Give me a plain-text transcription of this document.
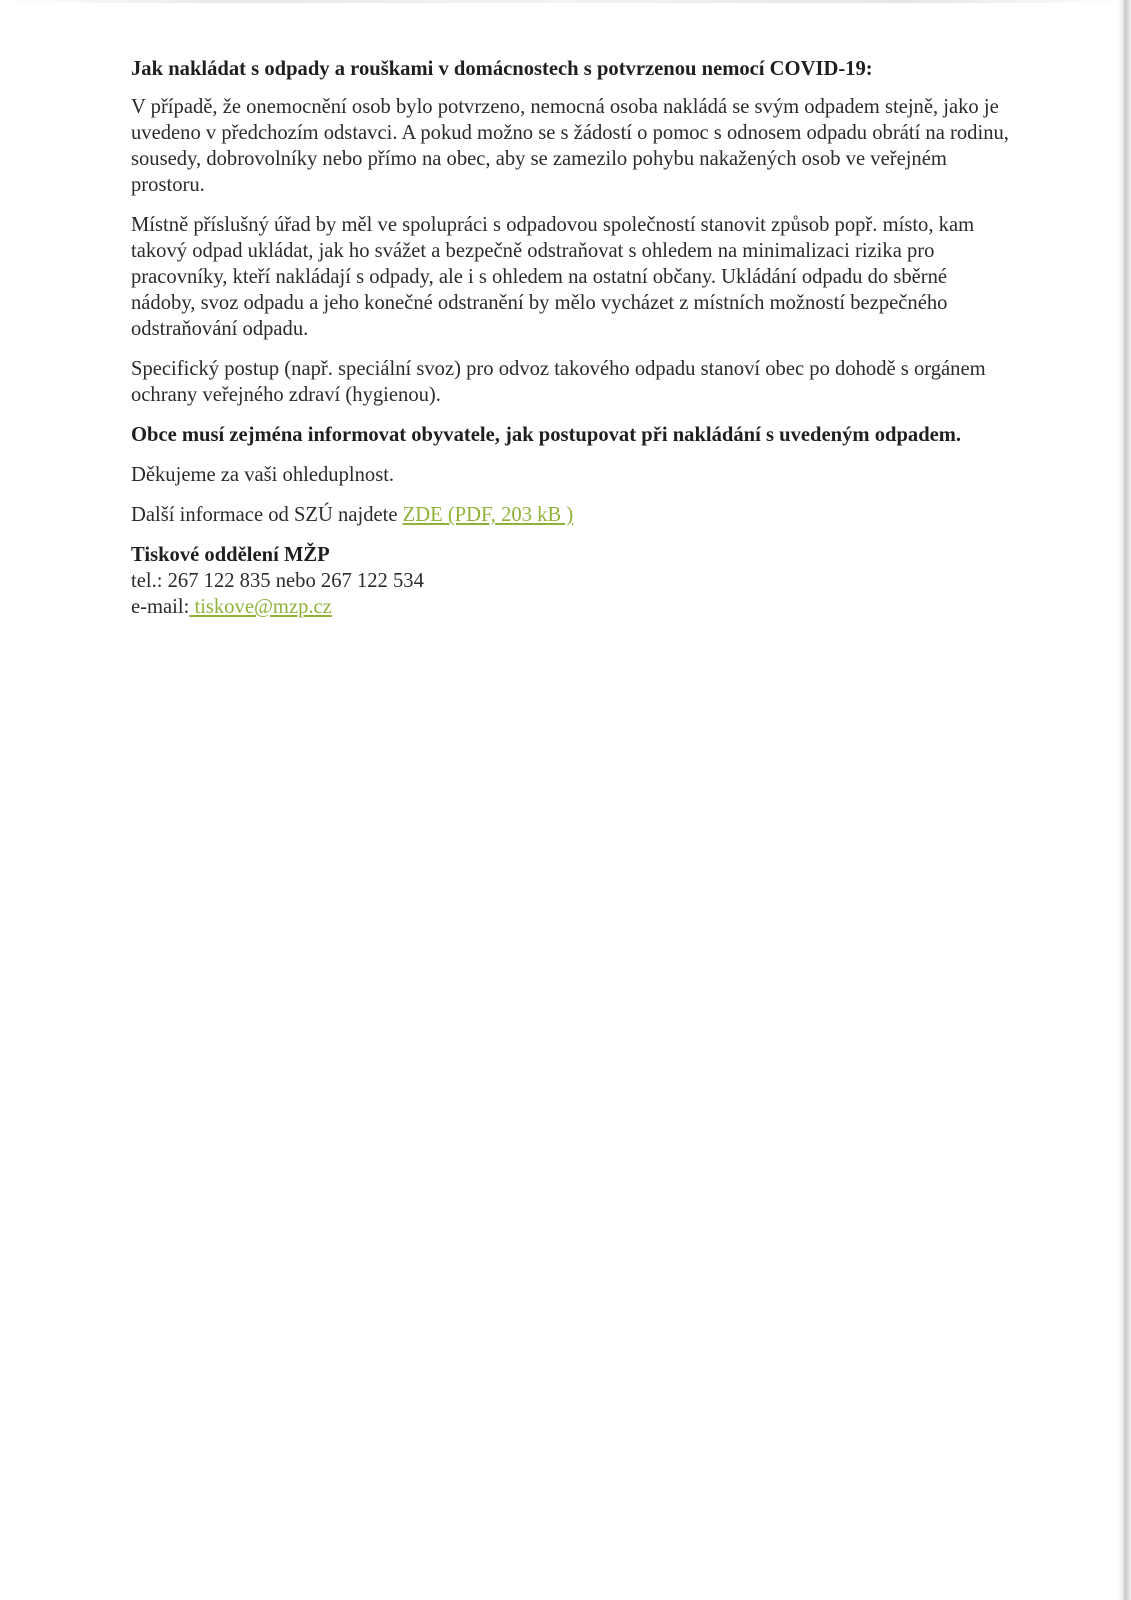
Jak nakládat s odpady a rouškami v domácnostech s potvrzenou nemocí COVID-19:

V případě, že onemocnění osob bylo potvrzeno, nemocná osoba nakládá se svým odpadem stejně, jako je uvedeno v předchozím odstavci. A pokud možno se s žádostí o pomoc s odnosem odpadu obrátí na rodinu, sousedy, dobrovolníky nebo přímo na obec, aby se zamezilo pohybu nakažených osob ve veřejném prostoru.

Místně příslušný úřad by měl ve spolupráci s odpadovou společností stanovit způsob popř. místo, kam takový odpad ukládat, jak ho svážet a bezpečně odstraňovat s ohledem na minimalizaci rizika pro pracovníky, kteří nakládají s odpady, ale i s ohledem na ostatní občany. Ukládání odpadu do sběrné nádoby, svoz odpadu a jeho konečné odstranění by mělo vycházet z místních možností bezpečného odstraňování odpadu.

Specifický postup (např. speciální svoz) pro odvoz takového odpadu stanoví obec po dohodě s orgánem ochrany veřejného zdraví (hygienou).

Obce musí zejména informovat obyvatele, jak postupovat při nakládání s uvedeným odpadem.

Děkujeme za vaši ohleduplnost.

Další informace od SZÚ najdete ZDE (PDF, 203 kB )

Tiskové oddělení MŽP

tel.: 267 122 835 nebo 267 122 534

e-mail: tiskove@mzp.cz
